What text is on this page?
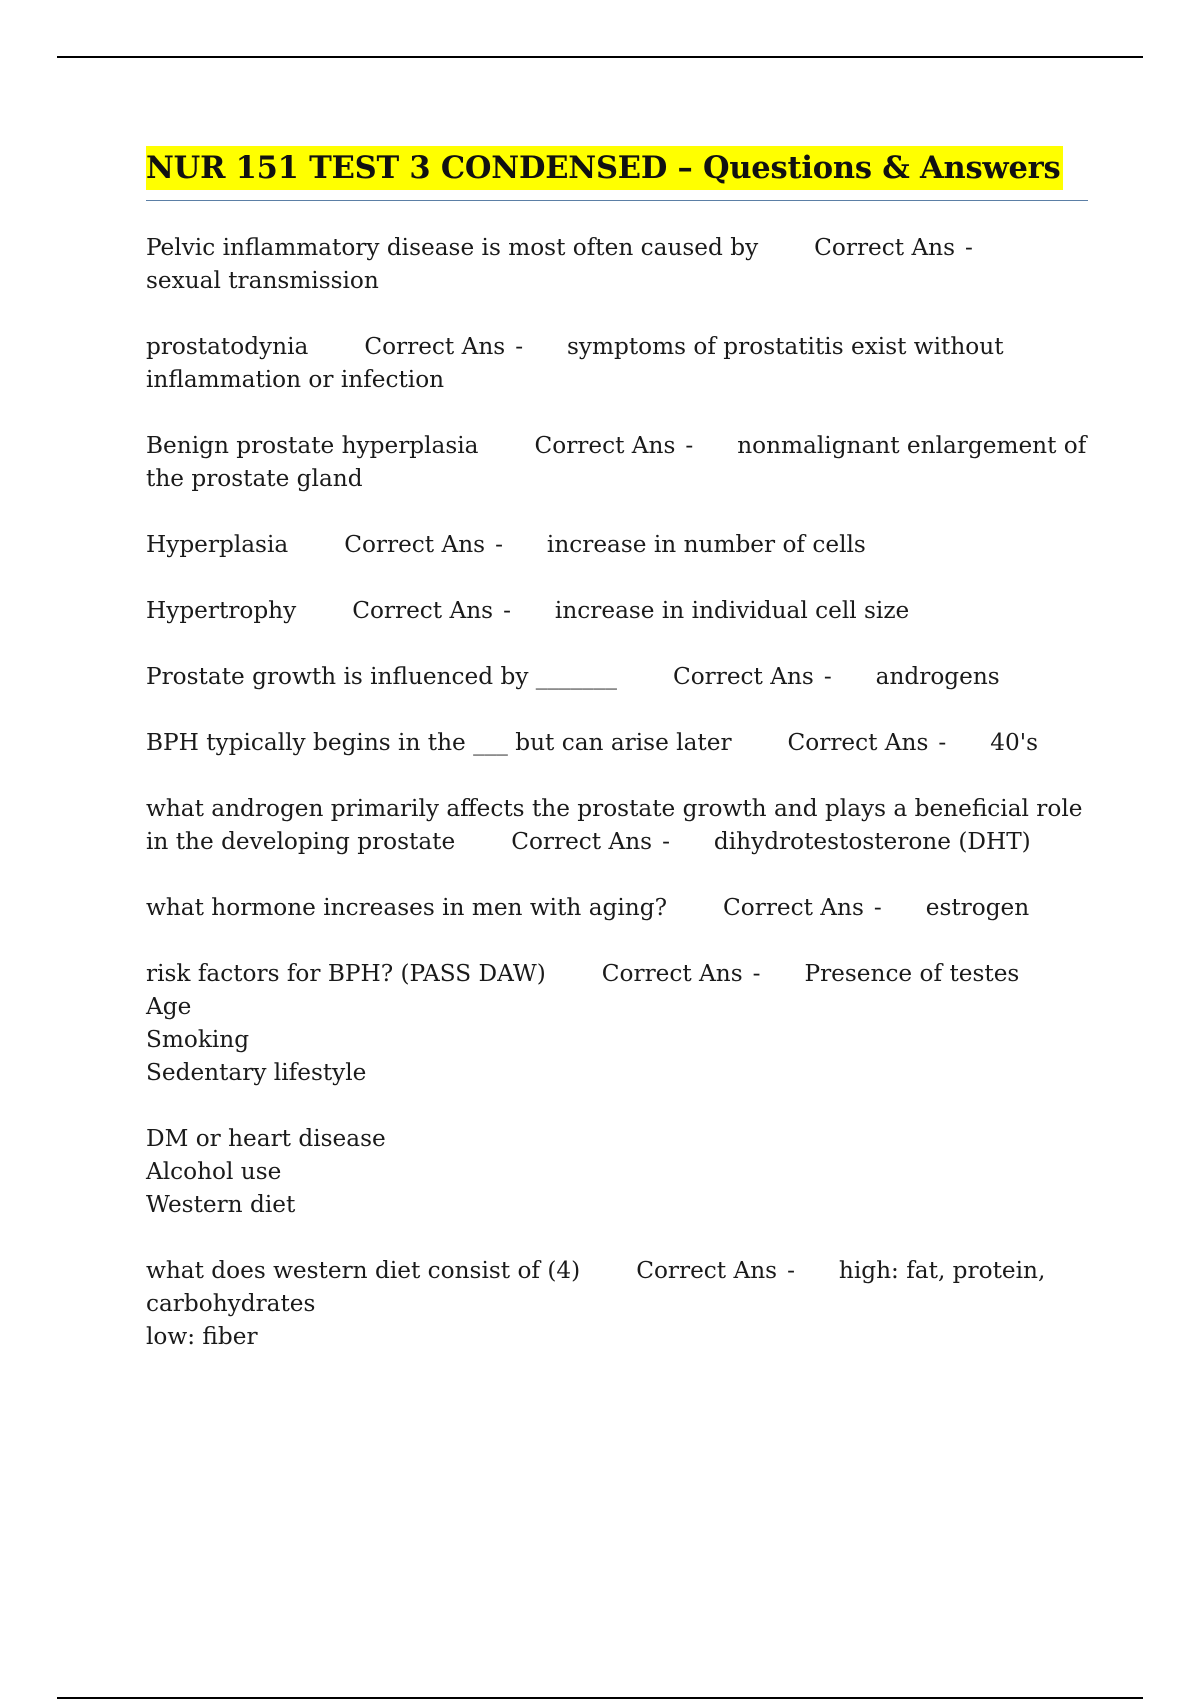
NUR 151 TEST 3 CONDENSED – Questions & Answers
Pelvic inflammatory disease is most often caused by Correct Ans -sexual transmission
prostatodynia Correct Ans - symptoms of prostatitis exist without inflammation or infection
Benign prostate hyperplasia Correct Ans - nonmalignant enlargement of the prostate gland
Hyperplasia Correct Ans - increase in number of cells
Hypertrophy Correct Ans - increase in individual cell size
Prostate growth is influenced by _______ Correct Ans - androgens
BPH typically begins in the ___ but can arise later Correct Ans - 40's
what androgen primarily affects the prostate growth and plays a beneficial role in the developing prostate Correct Ans - dihydrotestosterone (DHT)
what hormone increases in men with aging? Correct Ans - estrogen
risk factors for BPH? (PASS DAW) Correct Ans - Presence of testes
Age
Smoking
Sedentary lifestyle

DM or heart disease
Alcohol use
Western diet
what does western diet consist of (4) Correct Ans - high: fat, protein, carbohydrates
low: fiber
